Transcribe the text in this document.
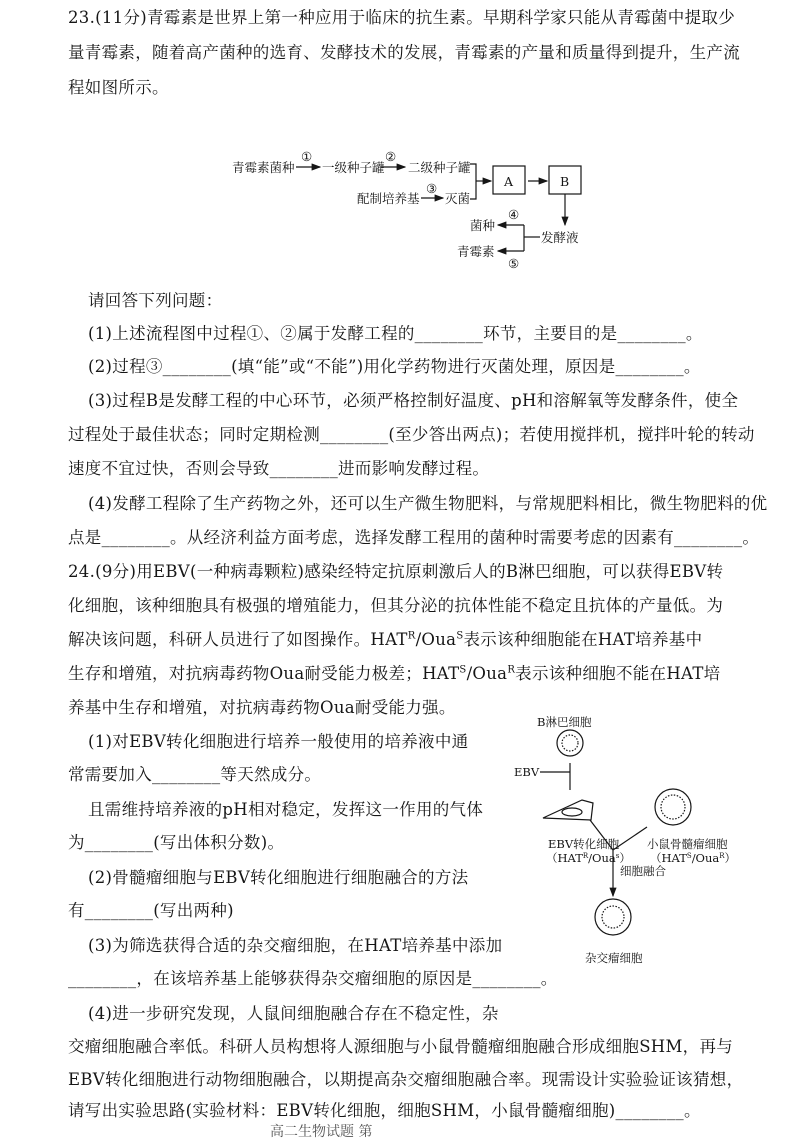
23.(11分)青霉素是世界上第一种应用于临床的抗生素。早期科学家只能从青霉菌中提取少
量青霉素，随着高产菌种的选育、发酵技术的发展，青霉素的产量和质量得到提升，生产流
程如图所示。
青霉素菌种
①
一级种子罐
②
二级种子罐
配制培养基
③
灭菌
A	B
发酵液
菌种
④
青霉素
⑤
请回答下列问题：
(1)上述流程图中过程①、②属于发酵工程的________环节，主要目的是________。
(2)过程③________(填“能”或“不能”)用化学药物进行灭菌处理，原因是________。
(3)过程B是发酵工程的中心环节，必须严格控制好温度、pH和溶解氧等发酵条件，使全
过程处于最佳状态；同时定期检测________(至少答出两点)；若使用搅拌机，搅拌叶轮的转动
速度不宜过快，否则会导致________进而影响发酵过程。
(4)发酵工程除了生产药物之外，还可以生产微生物肥料，与常规肥料相比，微生物肥料的优
点是________。从经济利益方面考虑，选择发酵工程用的菌种时需要考虑的因素有________。
24.(9分)用EBV(一种病毒颗粒)感染经特定抗原刺激后人的B淋巴细胞，可以获得EBV转
化细胞，该种细胞具有极强的增殖能力，但其分泌的抗体性能不稳定且抗体的产量低。为
解决该问题，科研人员进行了如图操作。$HAT^R/Oua^S$表示该种细胞能在HAT培养基中
生存和增殖，对抗病毒药物Oua耐受能力极差；$HAT^S/Oua^R$表示该种细胞不能在HAT培
养基中生存和增殖，对抗病毒药物Oua耐受能力强。
(1)对EBV转化细胞进行培养一般使用的培养液中通
常需要加入________等天然成分。
且需维持培养液的pH相对稳定，发挥这一作用的气体
为________(写出体积分数)。
(2)骨髓瘤细胞与EBV转化细胞进行细胞融合的方法
有________(写出两种)
(3)为筛选获得合适的杂交瘤细胞，在HAT培养基中添加
________，在该培养基上能够获得杂交瘤细胞的原因是________。
(4)进一步研究发现，人鼠间细胞融合存在不稳定性，杂
交瘤细胞融合率低。科研人员构想将人源细胞与小鼠骨髓瘤细胞融合形成细胞SHM，再与
EBV转化细胞进行动物细胞融合，以期提高杂交瘤细胞融合率。现需设计实验验证该猜想，
请写出实验思路(实验材料：EBV转化细胞，细胞SHM，小鼠骨髓瘤细胞)________。
B淋巴细胞
EBV
EBV转化细胞
$(HAT^R/Oua^s)$
小鼠骨髓瘤细胞
$(HAT^S/Oua^R)$
细胞融合
杂交瘤细胞
高二生物试题 第
